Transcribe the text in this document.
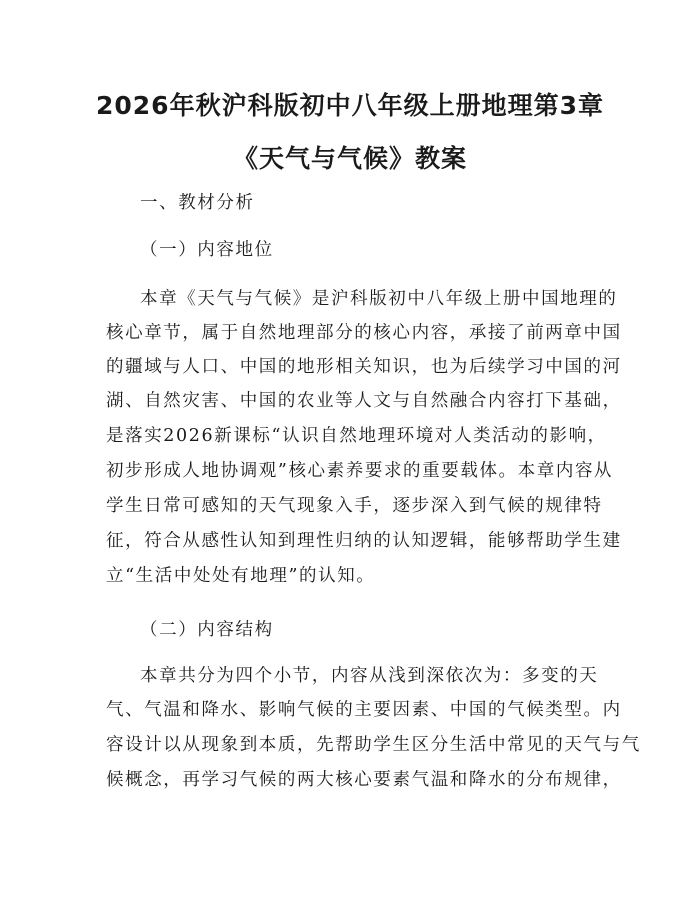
2026年秋沪科版初中八年级上册地理第3章
《天气与气候》教案
一、教材分析
（一）内容地位
本章《天气与气候》是沪科版初中八年级上册中国地理的
核心章节，属于自然地理部分的核心内容，承接了前两章中国
的疆域与人口、中国的地形相关知识，也为后续学习中国的河
湖、自然灾害、中国的农业等人文与自然融合内容打下基础，
是落实2026新课标“认识自然地理环境对人类活动的影响，
初步形成人地协调观”核心素养要求的重要载体。本章内容从
学生日常可感知的天气现象入手，逐步深入到气候的规律特
征，符合从感性认知到理性归纳的认知逻辑，能够帮助学生建
立“生活中处处有地理”的认知。
（二）内容结构
本章共分为四个小节，内容从浅到深依次为：多变的天
气、气温和降水、影响气候的主要因素、中国的气候类型。内
容设计以从现象到本质，先帮助学生区分生活中常见的天气与气
候概念，再学习气候的两大核心要素气温和降水的分布规律，
